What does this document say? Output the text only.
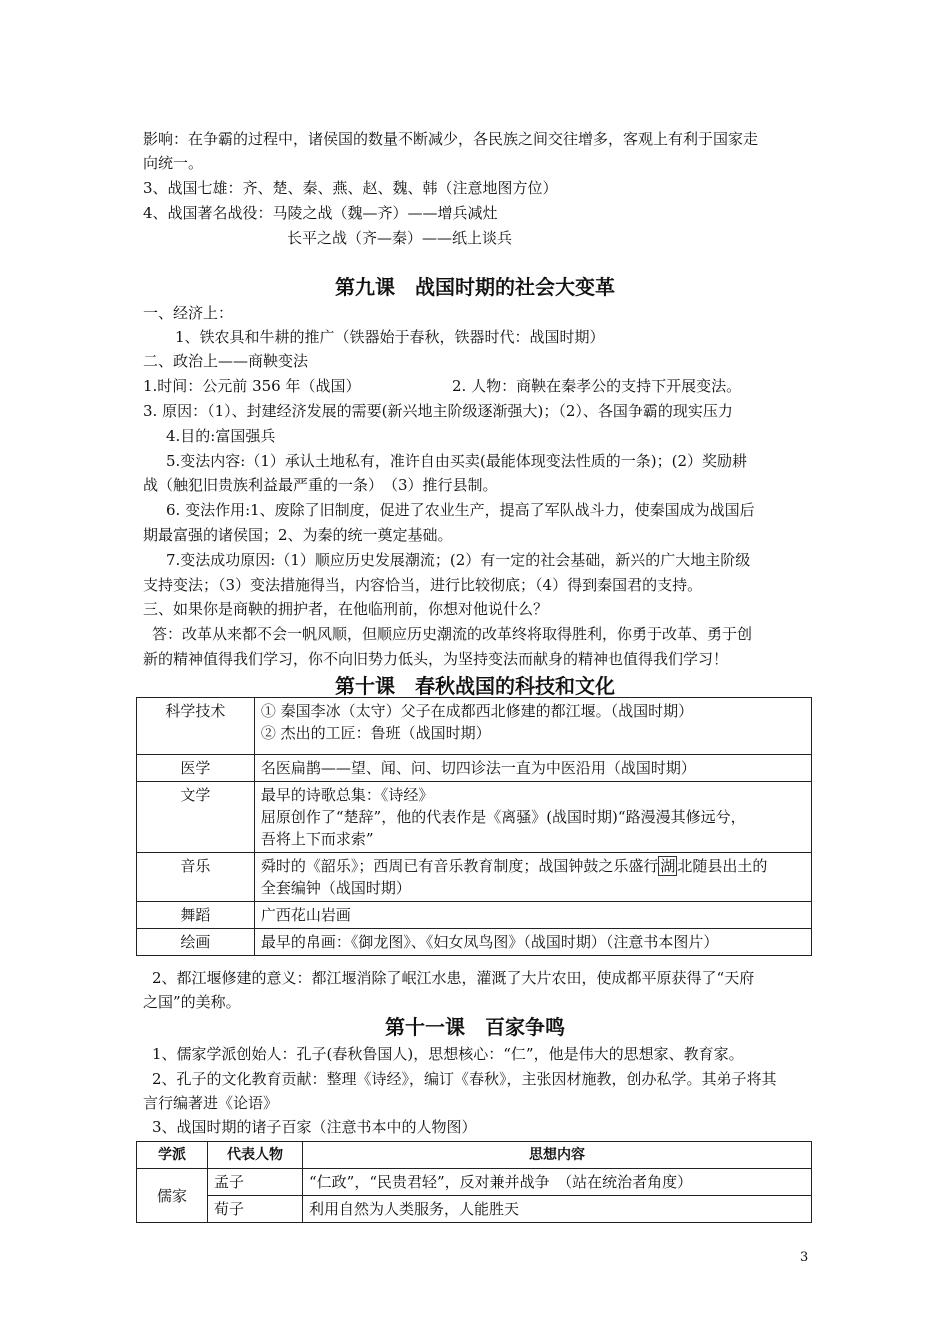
影响：在争霸的过程中，诸侯国的数量不断减少，各民族之间交往增多，客观上有利于国家走
向统一。
3、战国七雄：齐、楚、秦、燕、赵、魏、韩（注意地图方位）
4、战国著名战役：马陵之战（魏—齐）——增兵减灶
长平之战（齐—秦）——纸上谈兵
第九课　战国时期的社会大变革
一、经济上：
1、铁农具和牛耕的推广（铁器始于春秋，铁器时代：战国时期）
二、政治上——商鞅变法
1.时间：公元前 356 年（战国）	2. 人物：商鞅在秦孝公的支持下开展变法。
3. 原因：（1）、封建经济发展的需要(新兴地主阶级逐渐强大)；（2）、各国争霸的现实压力
4.目的:富国强兵
5.变法内容:（1）承认土地私有，准许自由买卖(最能体现变法性质的一条)；(2）奖励耕
战（触犯旧贵族利益最严重的一条）　（3）推行县制。
6. 变法作用:1、废除了旧制度，促进了农业生产，提高了军队战斗力，使秦国成为战国后
期最富强的诸侯国；2、为秦的统一奠定基础。
7.变法成功原因:（1）顺应历史发展潮流；(2）有一定的社会基础，新兴的广大地主阶级
支持变法；（3）变法措施得当，内容恰当，进行比较彻底；（4）得到秦国君的支持。
三、如果你是商鞅的拥护者，在他临刑前，你想对他说什么？
答：改革从来都不会一帆风顺，但顺应历史潮流的改革终将取得胜利，你勇于改革、勇于创
新的精神值得我们学习，你不向旧势力低头，为坚持变法而献身的精神也值得我们学习！
第十课　春秋战国的科技和文化
科学技术	① 秦国李冰（太守）父子在成都西北修建的都江堰。（战国时期）
② 杰出的工匠：鲁班（战国时期）

医学	名医扁鹊——望、闻、问、切四诊法一直为中医沿用（战国时期）
文学	最早的诗歌总集：《诗经》
屈原创作了“楚辞”，他的代表作是《离骚》(战国时期)“路漫漫其修远兮，
吾将上下而求索”

音乐	舜时的《韶乐》；西周已有音乐教育制度；战国钟鼓之乐盛行 湖 北随县出土的
全套编钟（战国时期）

舞蹈	广西花山岩画
绘画	最早的帛画：《御龙图》、《妇女凤鸟图》（战国时期）（注意书本图片）
2、都江堰修建的意义：都江堰消除了岷江水患，灌溉了大片农田，使成都平原获得了“天府
之国”的美称。
第十一课　百家争鸣
1、儒家学派创始人：孔子(春秋鲁国人)，思想核心：“仁”，他是伟大的思想家、教育家。
2、孔子的文化教育贡献：整理《诗经》，编订《春秋》，主张因材施教，创办私学。其弟子将其
言行编著进《论语》
3、战国时期的诸子百家（注意书本中的人物图）
学派	代表人物	思想内容
儒家	孟子	“仁政”，“民贵君轻”，反对兼并战争　（站在统治者角度）
	荀子	利用自然为人类服务，人能胜天
3
